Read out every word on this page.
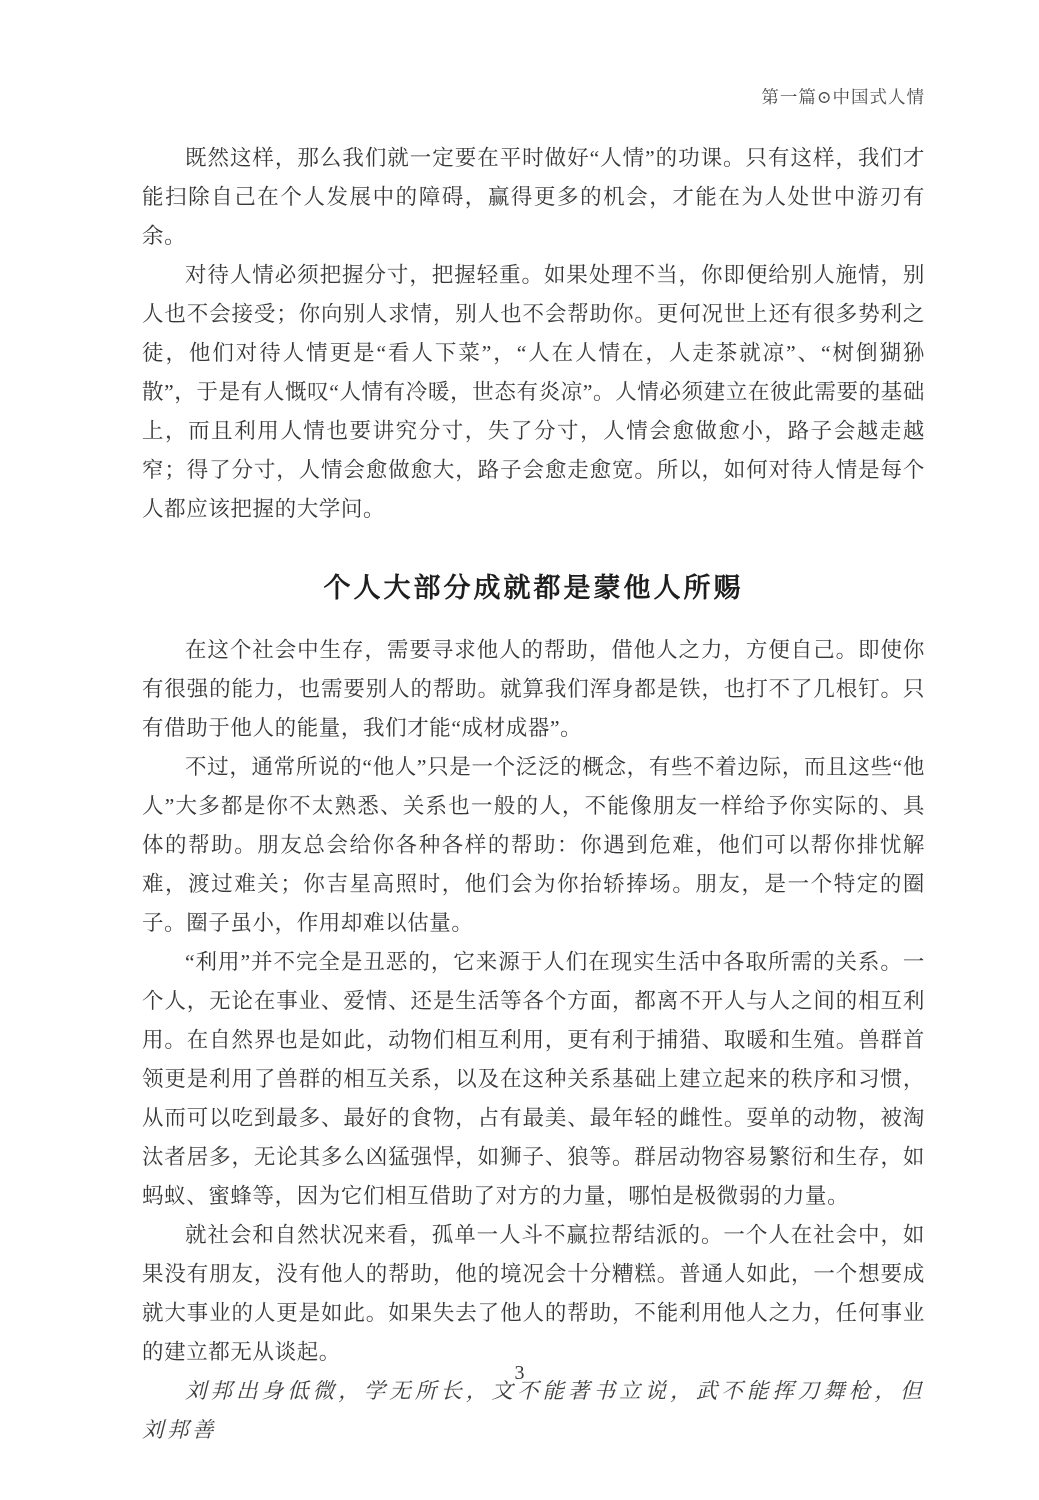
第一篇⊙中国式人情

既然这样，那么我们就一定要在平时做好“人情”的功课。只有这样，我们才能扫除自己在个人发展中的障碍，赢得更多的机会，才能在为人处世中游刃有余。

对待人情必须把握分寸，把握轻重。如果处理不当，你即便给别人施情，别人也不会接受；你向别人求情，别人也不会帮助你。更何况世上还有很多势利之徒，他们对待人情更是“看人下菜”，“人在人情在，人走茶就凉”、“树倒猢狲散”，于是有人慨叹“人情有冷暖，世态有炎凉”。人情必须建立在彼此需要的基础上，而且利用人情也要讲究分寸，失了分寸，人情会愈做愈小，路子会越走越窄；得了分寸，人情会愈做愈大，路子会愈走愈宽。所以，如何对待人情是每个人都应该把握的大学问。

个人大部分成就都是蒙他人所赐

在这个社会中生存，需要寻求他人的帮助，借他人之力，方便自己。即使你有很强的能力，也需要别人的帮助。就算我们浑身都是铁，也打不了几根钉。只有借助于他人的能量，我们才能“成材成器”。

不过，通常所说的“他人”只是一个泛泛的概念，有些不着边际，而且这些“他人”大多都是你不太熟悉、关系也一般的人，不能像朋友一样给予你实际的、具体的帮助。朋友总会给你各种各样的帮助：你遇到危难，他们可以帮你排忧解难，渡过难关；你吉星高照时，他们会为你抬轿捧场。朋友，是一个特定的圈子。圈子虽小，作用却难以估量。

“利用”并不完全是丑恶的，它来源于人们在现实生活中各取所需的关系。一个人，无论在事业、爱情、还是生活等各个方面，都离不开人与人之间的相互利用。在自然界也是如此，动物们相互利用，更有利于捕猎、取暖和生殖。兽群首领更是利用了兽群的相互关系，以及在这种关系基础上建立起来的秩序和习惯，从而可以吃到最多、最好的食物，占有最美、最年轻的雌性。耍单的动物，被淘汰者居多，无论其多么凶猛强悍，如狮子、狼等。群居动物容易繁衍和生存，如蚂蚁、蜜蜂等，因为它们相互借助了对方的力量，哪怕是极微弱的力量。

就社会和自然状况来看，孤单一人斗不赢拉帮结派的。一个人在社会中，如果没有朋友，没有他人的帮助，他的境况会十分糟糕。普通人如此，一个想要成就大事业的人更是如此。如果失去了他人的帮助，不能利用他人之力，任何事业的建立都无从谈起。

刘邦出身低微，学无所长，文不能著书立说，武不能挥刀舞枪，但刘邦善

3
